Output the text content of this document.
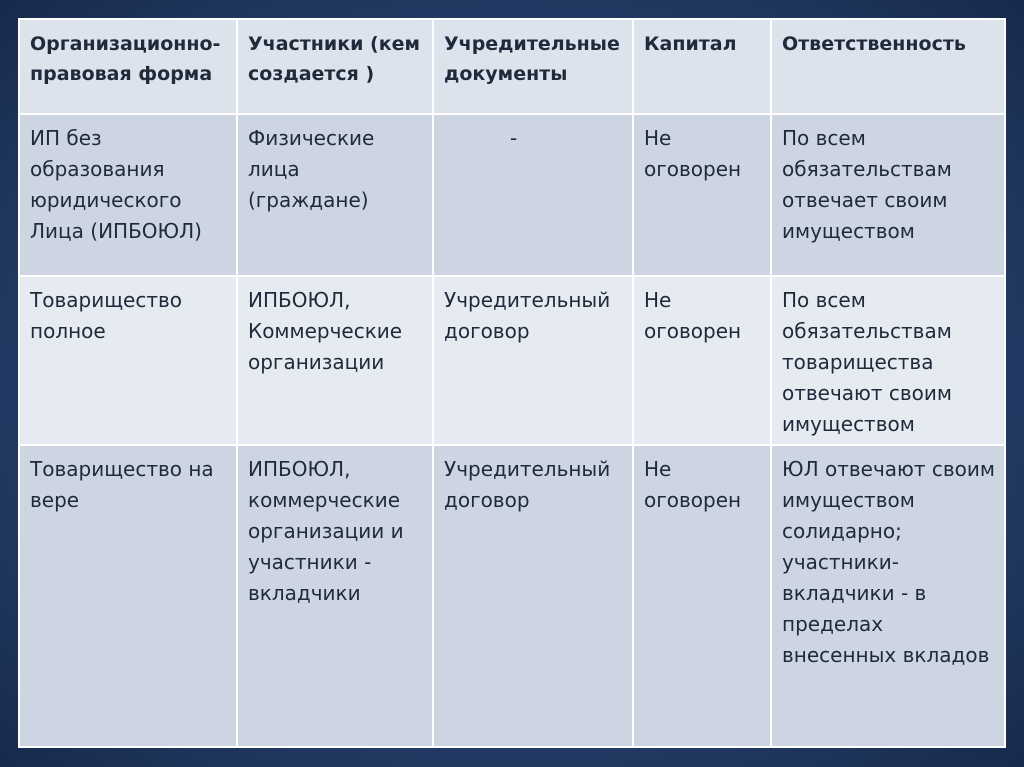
Организационно-правовая форма	Участники (кем создается )	Учредительные документы	Капитал	Ответственность
ИП без образования юридического Лица (ИПБОЮЛ)	Физические лица (граждане)	-	Не оговорен	По всем обязательствам отвечает своим имуществом
Товарищество полное	ИПБОЮЛ, Коммерческие организации	Учредительный договор	Не оговорен	По всем обязательствам товарищества отвечают своим имуществом
Товарищество на вере	ИПБОЮЛ, коммерческие организации и участники - вкладчики	Учредительный договор	Не оговорен	ЮЛ отвечают своим имуществом солидарно; участники-вкладчики - в пределах внесенных вкладов
